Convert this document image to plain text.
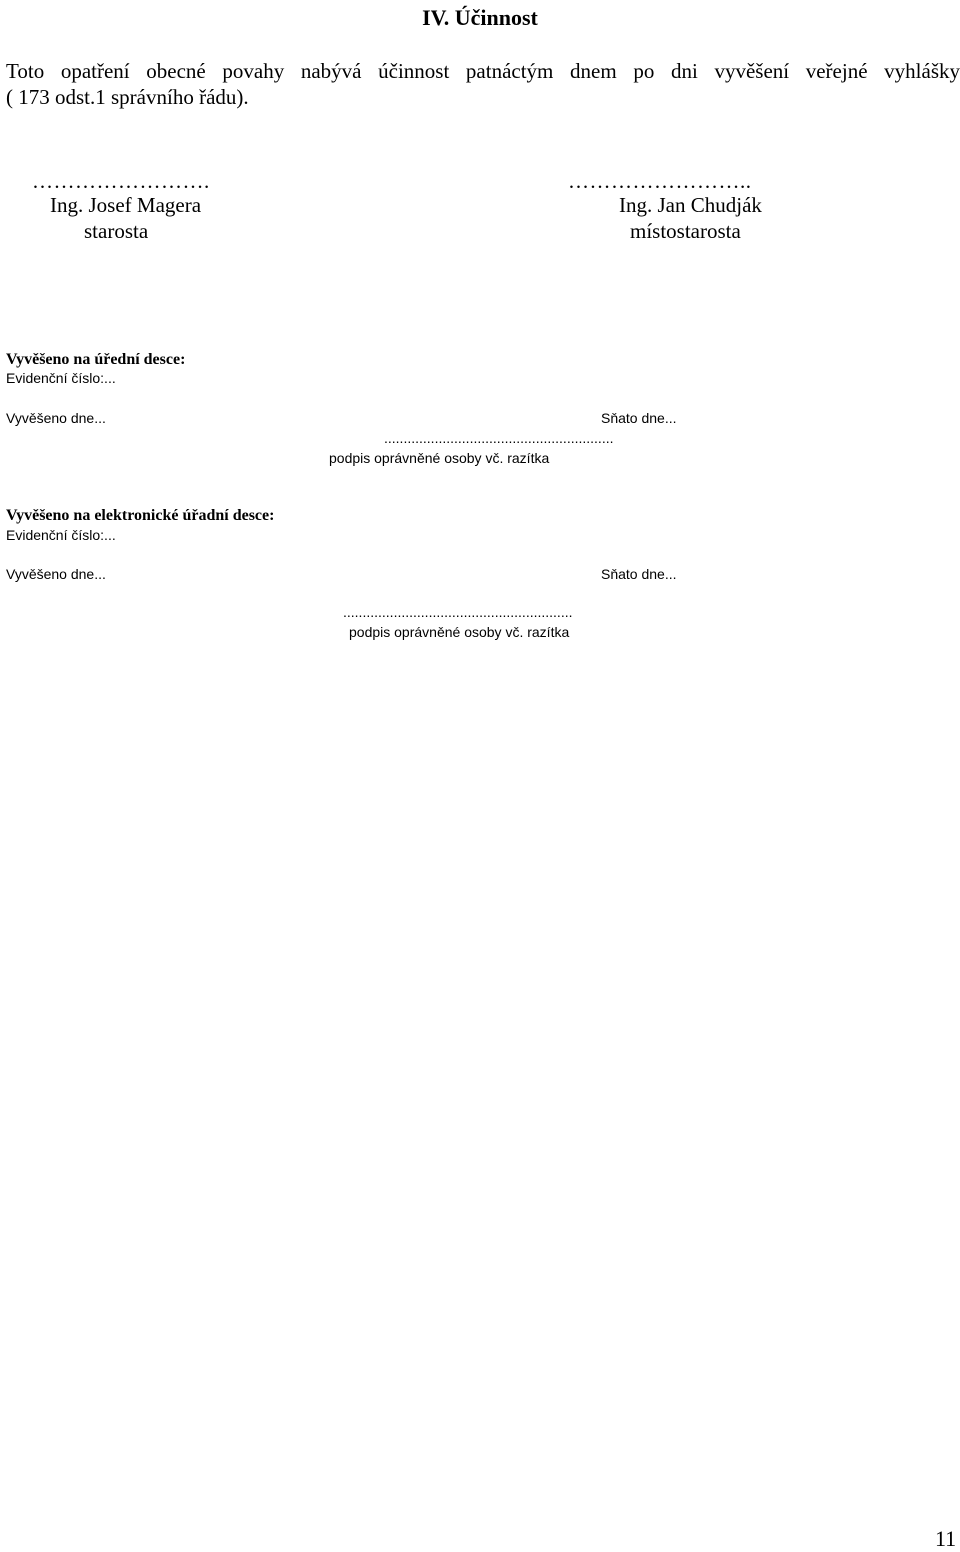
IV. Účinnost
Toto opatření obecné povahy nabývá účinnost patnáctým dnem po dni vyvěšení veřejné vyhlášky
( 173 odst.1 správního řádu).
…………………….
Ing. Josef Magera
starosta
……………………..
Ing. Jan Chudják
místostarosta
Vyvěšeno na úřední desce:
Evidenční číslo:...
Vyvěšeno dne...	Sňato dne...
...........................................................
podpis oprávněné osoby vč. razítka
Vyvěšeno na elektronické úřadní desce:
Evidenční číslo:...
Vyvěšeno dne...	Sňato dne...
...........................................................
podpis oprávněné osoby vč. razítka
11
